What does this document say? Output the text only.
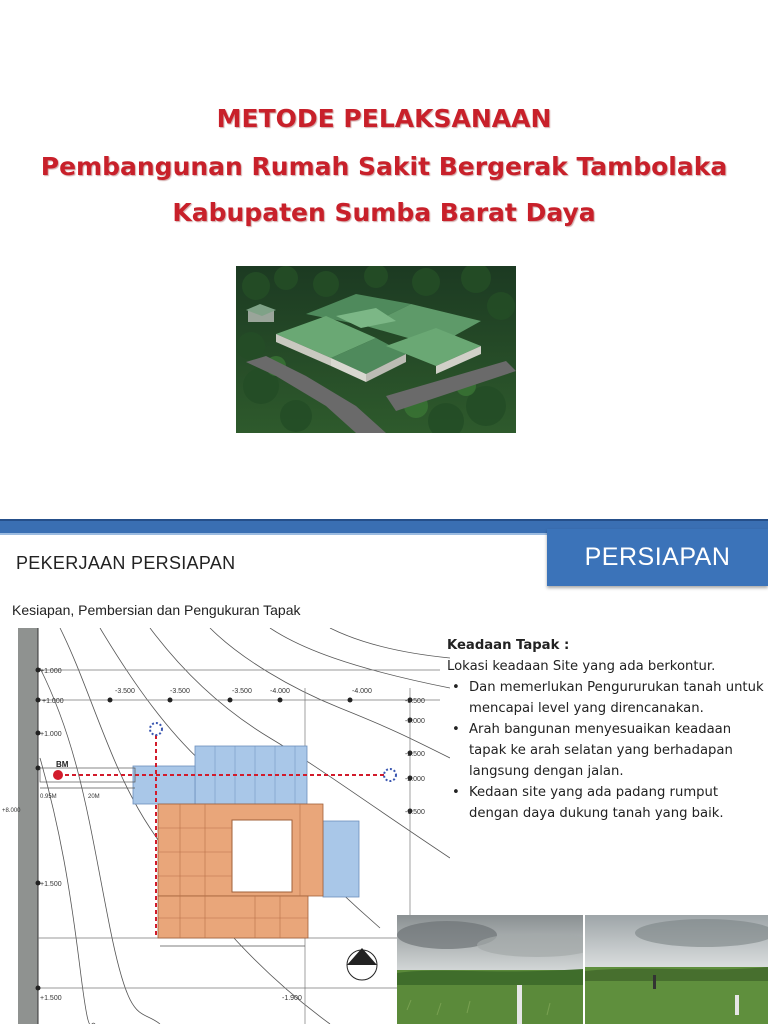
METODE PELAKSANAAN
Pembangunan Rumah Sakit Bergerak Tambolaka
Kabupaten Sumba Barat Daya
PERSIAPAN
PEKERJAAN PERSIAPAN
Kesiapan, Pembersian dan Pengukuran Tapak
+1.000
+1.000
+1.000
+1.500
+1.500
+8.000
-3.500	-3.500	-3.500	-4.000	-4.000
-3.500
-3.000
-2.500
-2.000
-1.500
-1.900
BM
0.95M	20M
Keadaan Tapak :
Lokasi keadaan Site yang ada berkontur.
• Dan memerlukan Pengururukan tanah untuk mencapai level yang direncanakan.
• Arah bangunan menyesuaikan keadaan tapak ke arah selatan yang berhadapan langsung dengan jalan.
• Kedaan site yang ada padang rumput dengan daya dukung tanah yang baik.
